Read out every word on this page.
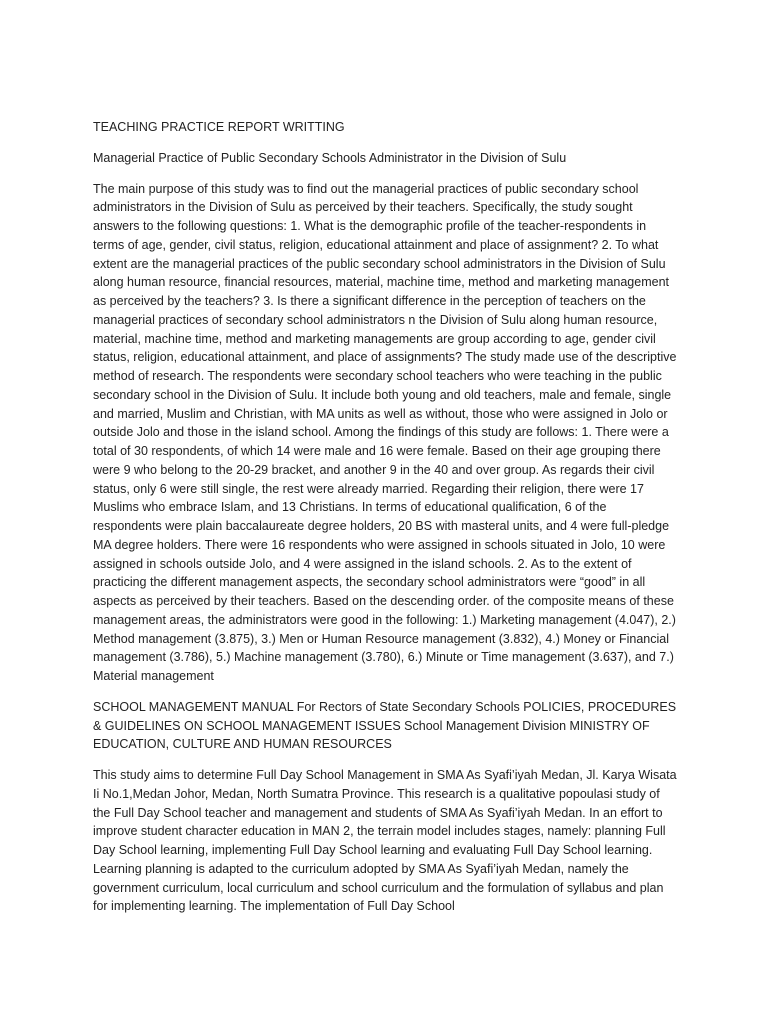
TEACHING PRACTICE REPORT WRITTING

Managerial Practice of Public Secondary Schools Administrator in the Division of Sulu

The main purpose of this study was to find out the managerial practices of public secondary school administrators in the Division of Sulu as perceived by their teachers. Specifically, the study sought answers to the following questions: 1. What is the demographic profile of the teacher-respondents in terms of age, gender, civil status, religion, educational attainment and place of assignment? 2. To what extent are the managerial practices of the public secondary school administrators in the Division of Sulu along human resource, financial resources, material, machine time, method and marketing management as perceived by the teachers? 3. Is there a significant difference in the perception of teachers on the managerial practices of secondary school administrators n the Division of Sulu along human resource, material, machine time, method and marketing managements are group according to age, gender civil status, religion, educational attainment, and place of assignments? The study made use of the descriptive method of research. The respondents were secondary school teachers who were teaching in the public secondary school in the Division of Sulu. It include both young and old teachers, male and female, single and married, Muslim and Christian, with MA units as well as without, those who were assigned in Jolo or outside Jolo and those in the island school. Among the findings of this study are follows: 1. There were a total of 30 respondents, of which 14 were male and 16 were female. Based on their age grouping there were 9 who belong to the 20-29 bracket, and another 9 in the 40 and over group. As regards their civil status, only 6 were still single, the rest were already married. Regarding their religion, there were 17 Muslims who embrace Islam, and 13 Christians. In terms of educational qualification, 6 of the respondents were plain baccalaureate degree holders, 20 BS with masteral units, and 4 were full-pledge MA degree holders. There were 16 respondents who were assigned in schools situated in Jolo, 10 were assigned in schools outside Jolo, and 4 were assigned in the island schools. 2. As to the extent of practicing the different management aspects, the secondary school administrators were “good” in all aspects as perceived by their teachers. Based on the descending order. of the composite means of these management areas, the administrators were good in the following: 1.) Marketing management (4.047), 2.) Method management (3.875), 3.) Men or Human Resource management (3.832), 4.) Money or Financial management (3.786), 5.) Machine management (3.780), 6.) Minute or Time management (3.637), and 7.) Material management

SCHOOL MANAGEMENT MANUAL For Rectors of State Secondary Schools POLICIES, PROCEDURES & GUIDELINES ON SCHOOL MANAGEMENT ISSUES School Management Division MINISTRY OF EDUCATION, CULTURE AND HUMAN RESOURCES

This study aims to determine Full Day School Management in SMA As Syafi’iyah Medan, Jl. Karya Wisata Ii No.1,Medan Johor, Medan, North Sumatra Province. This research is a qualitative popoulasi study of the Full Day School teacher and management and students of SMA As Syafi’iyah Medan. In an effort to improve student character education in MAN 2, the terrain model includes stages, namely: planning Full Day School learning, implementing Full Day School learning and evaluating Full Day School learning. Learning planning is adapted to the curriculum adopted by SMA As Syafi’iyah Medan, namely the government curriculum, local curriculum and school curriculum and the formulation of syllabus and plan for implementing learning. The implementation of Full Day School
